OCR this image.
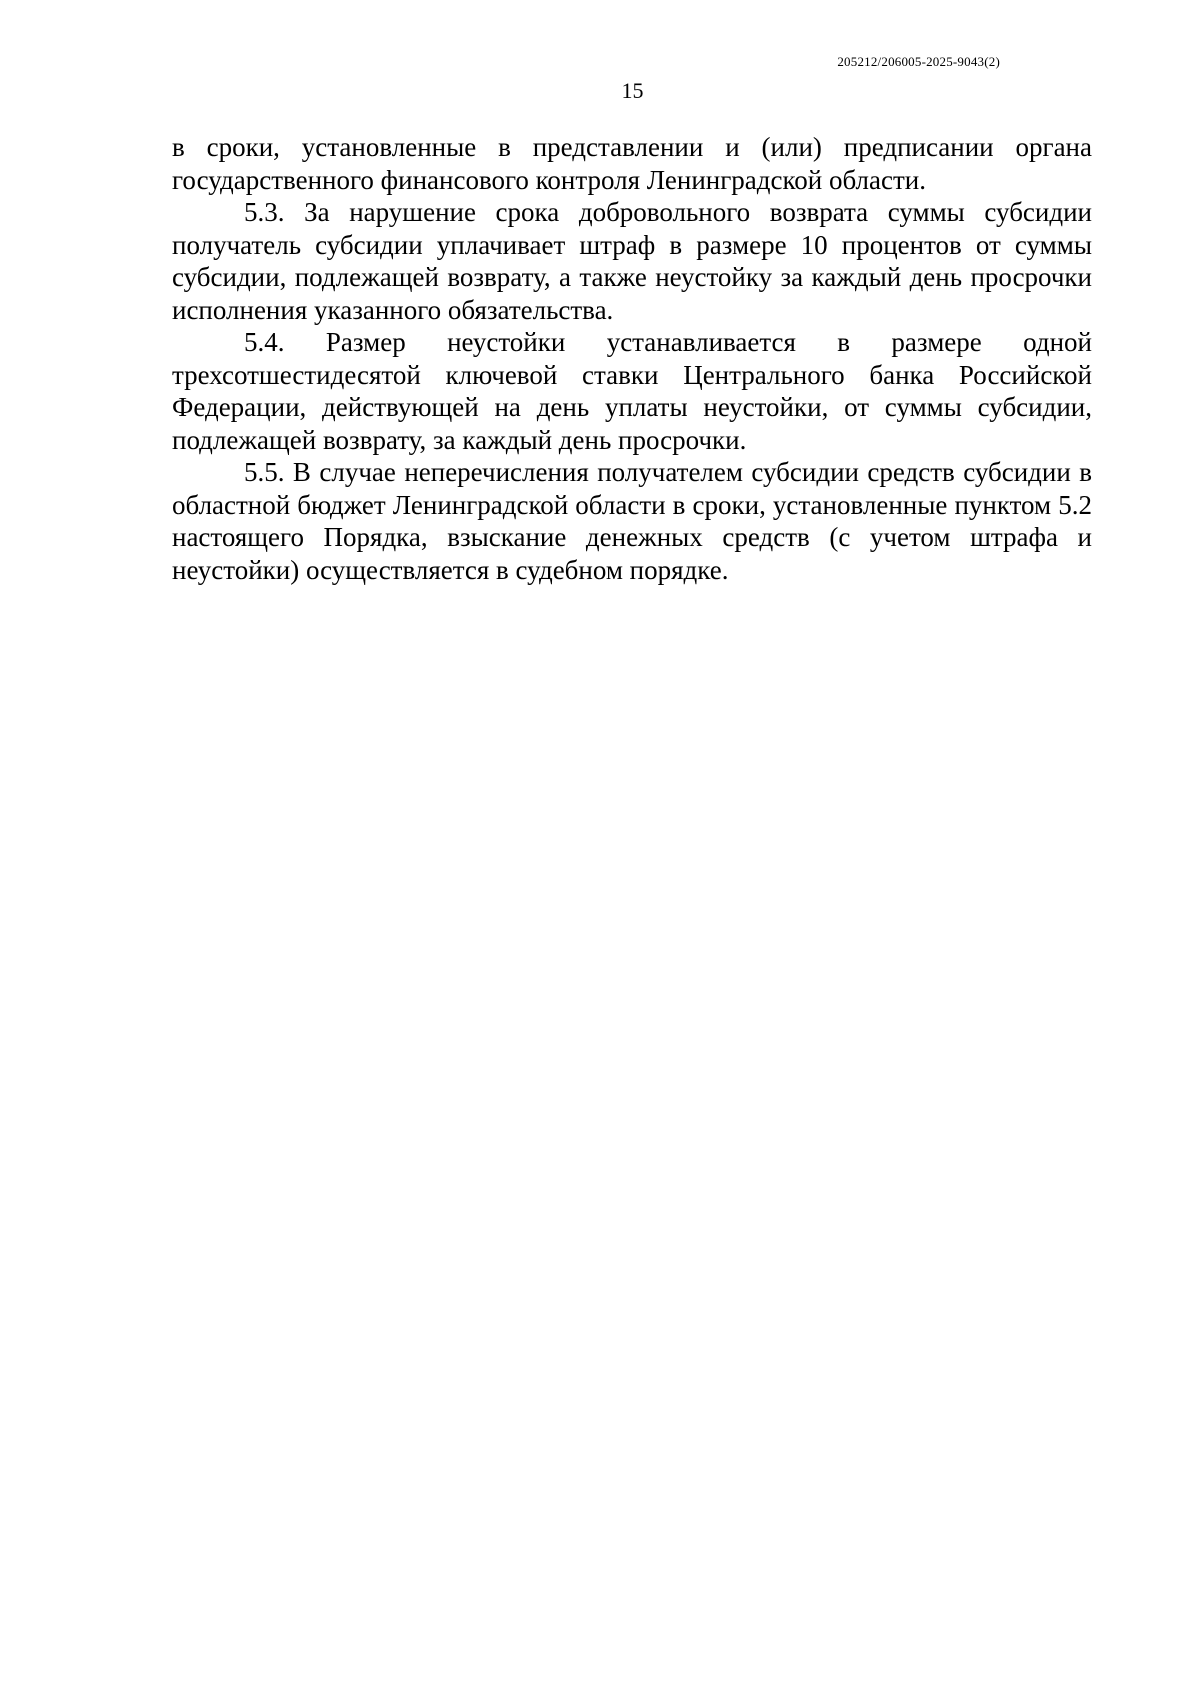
205212/206005-2025-9043(2)
15

в сроки, установленные в представлении и (или) предписании органа государственного финансового контроля Ленинградской области.

5.3. За нарушение срока добровольного возврата суммы субсидии получатель субсидии уплачивает штраф в размере 10 процентов от суммы субсидии, подлежащей возврату, а также неустойку за каждый день просрочки исполнения указанного обязательства.

5.4. Размер неустойки устанавливается в размере одной трехсотшестидесятой ключевой ставки Центрального банка Российской Федерации, действующей на день уплаты неустойки, от суммы субсидии, подлежащей возврату, за каждый день просрочки.

5.5. В случае неперечисления получателем субсидии средств субсидии в областной бюджет Ленинградской области в сроки, установленные пунктом 5.2 настоящего Порядка, взыскание денежных средств (с учетом штрафа и неустойки) осуществляется в судебном порядке.
